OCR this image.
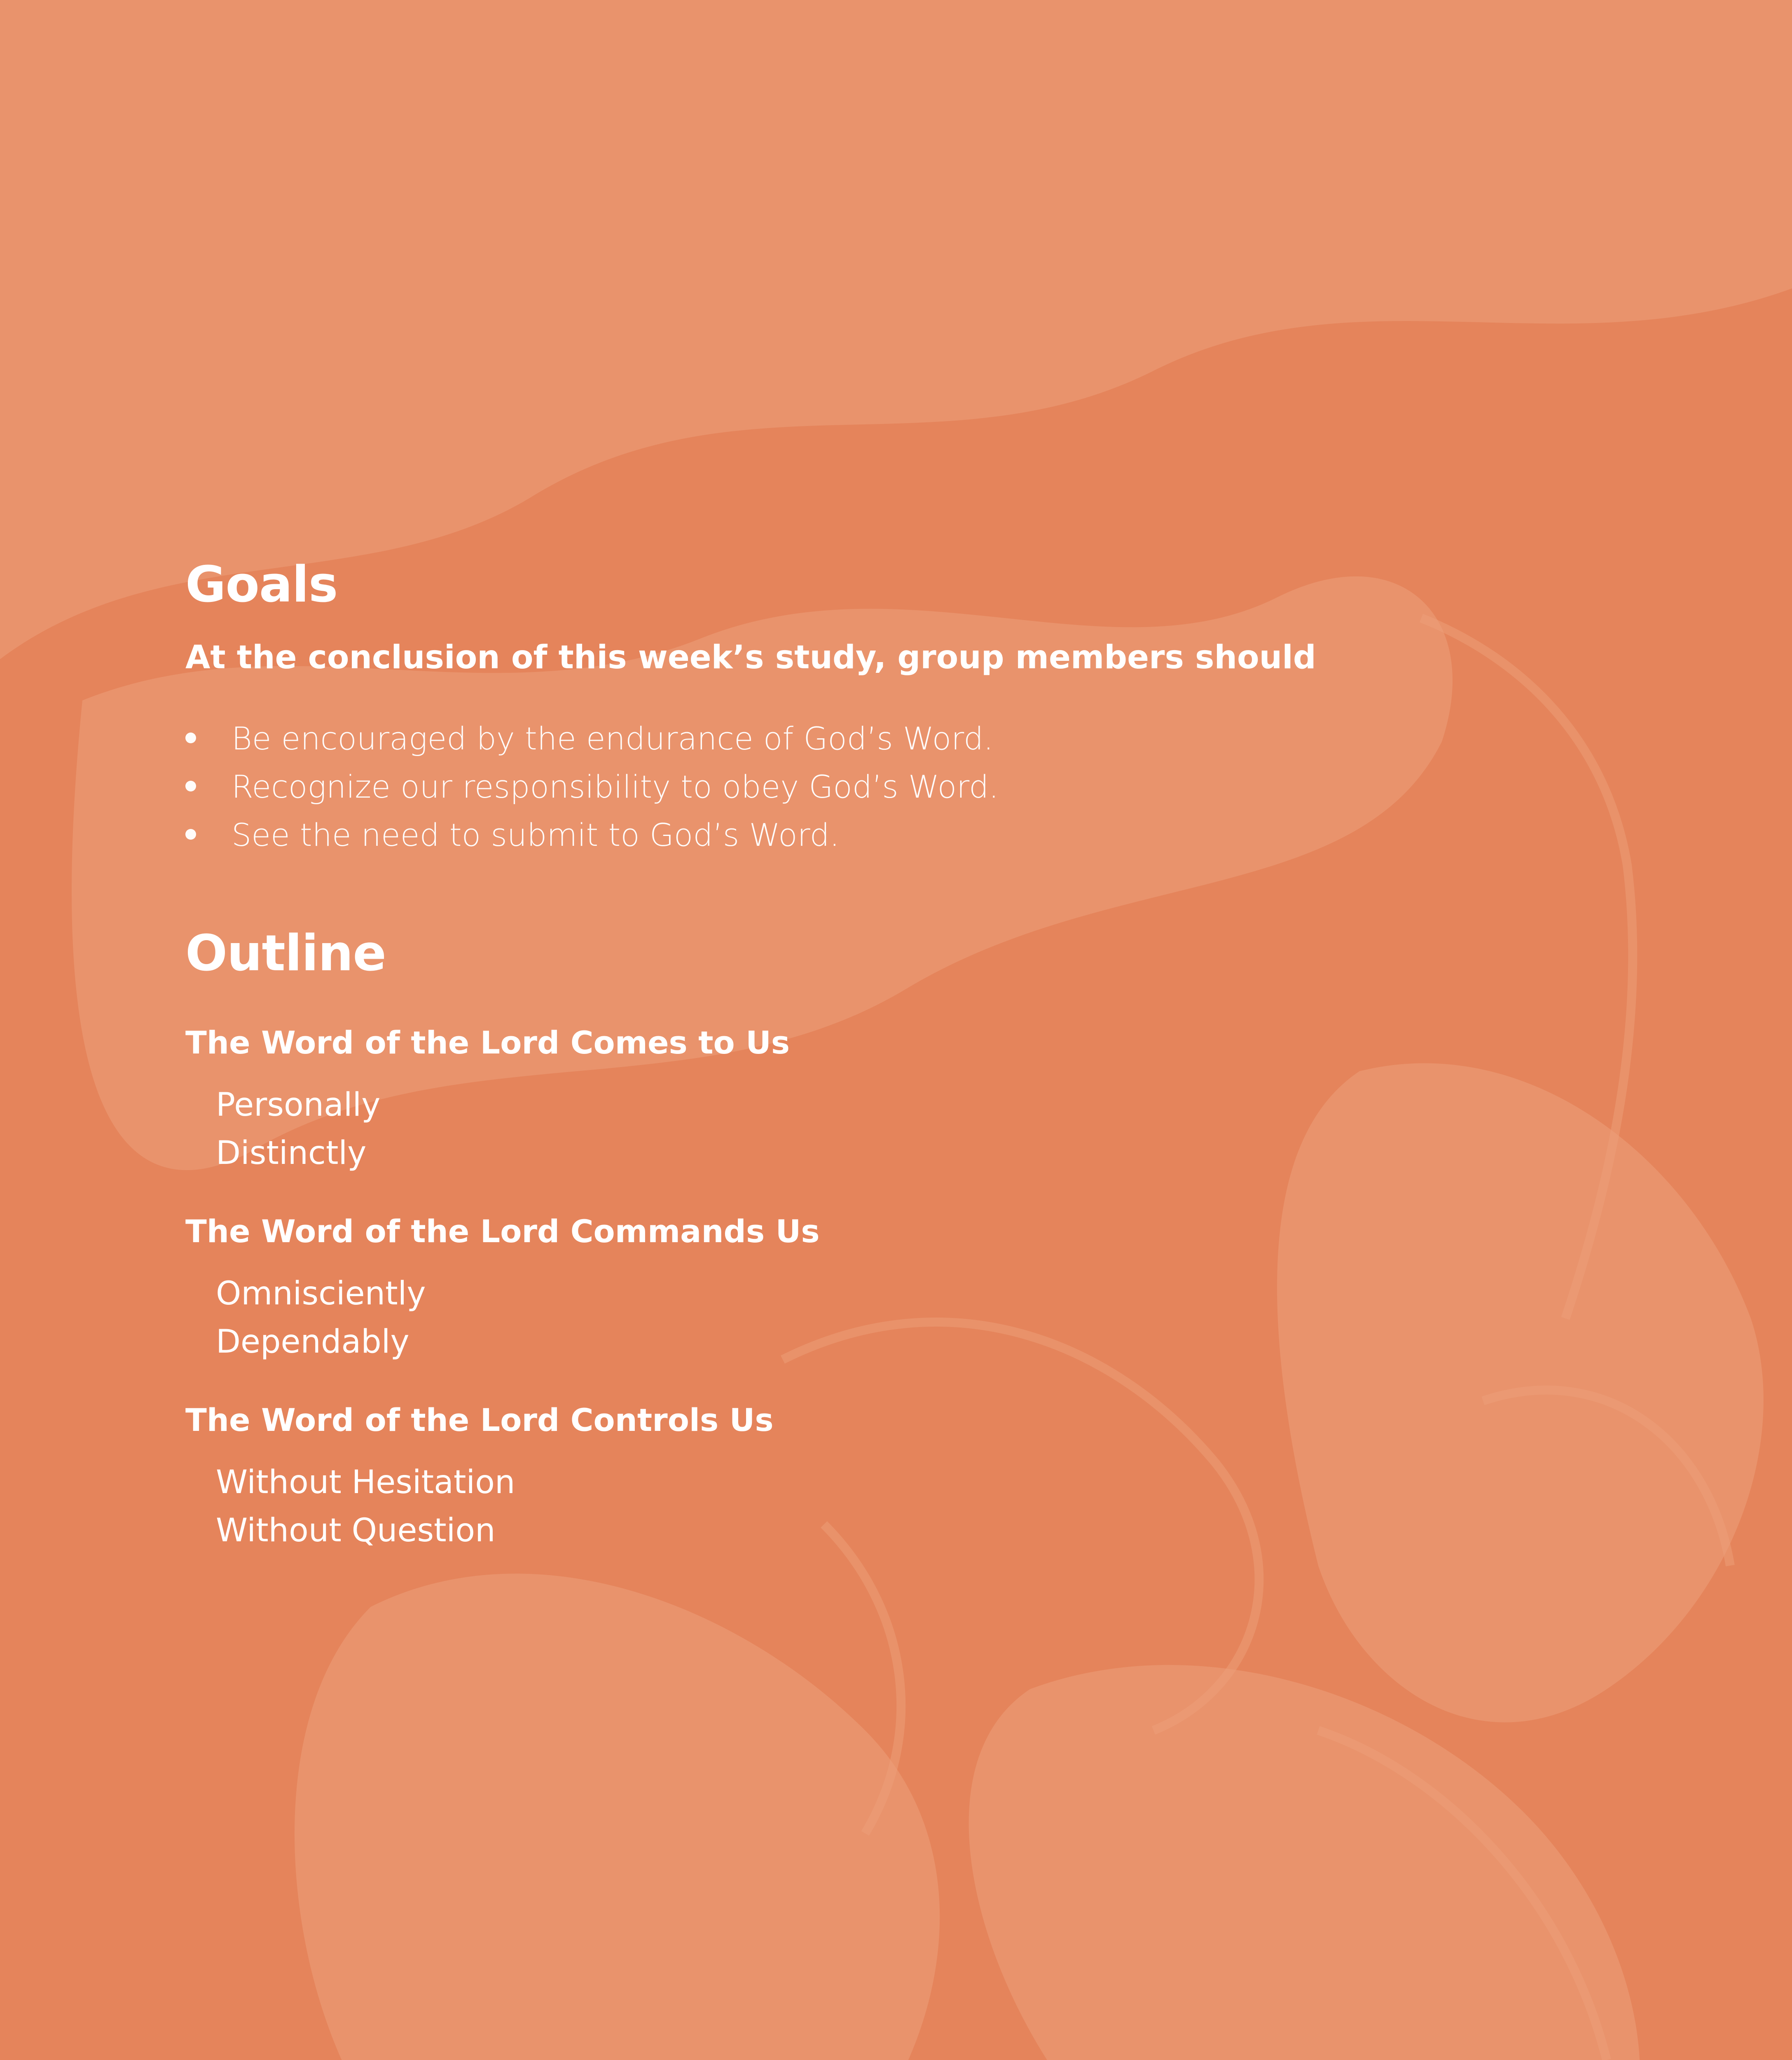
Goals

At the conclusion of this week’s study, group members should

Be encouraged by the endurance of God’s Word.
Recognize our responsibility to obey God’s Word.
See the need to submit to God’s Word.
Outline

The Word of the Lord Comes to Us

Personally
Distinctly

The Word of the Lord Commands Us

Omnisciently
Dependably

The Word of the Lord Controls Us

Without Hesitation
Without Question
